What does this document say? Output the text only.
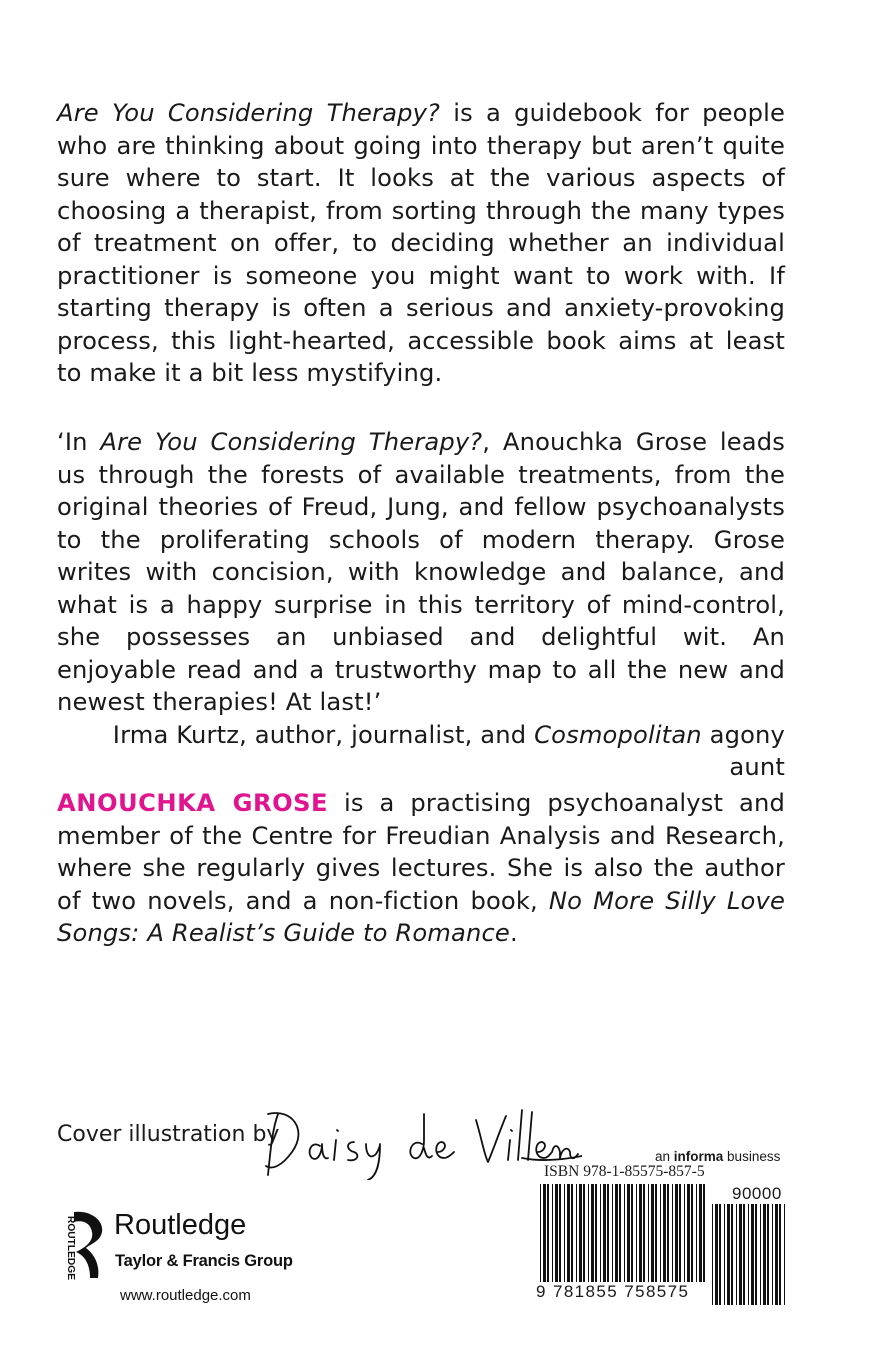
Are You Considering Therapy? is a guidebook for people who are thinking about going into therapy but aren’t quite sure where to start. It looks at the various aspects of choosing a therapist, from sorting through the many types of treatment on offer, to deciding whether an individual practitioner is someone you might want to work with. If starting therapy is often a serious and anxiety-provoking process, this light-hearted, accessible book aims at least to make it a bit less mystifying.

‘In Are You Considering Therapy?, Anouchka Grose leads us through the forests of available treatments, from the original theories of Freud, Jung, and fellow psychoanalysts to the proliferating schools of modern therapy. Grose writes with concision, with knowledge and balance, and what is a happy surprise in this territory of mind-control, she possesses an unbiased and delightful wit. An enjoyable read and a trustworthy map to all the new and newest therapies! At last!’
Irma Kurtz, author, journalist, and Cosmopolitan agony aunt

ANOUCHKA GROSE is a practising psychoanalyst and member of the Centre for Freudian Analysis and Research, where she regularly gives lectures. She is also the author of two novels, and a non-fiction book, No More Silly Love Songs: A Realist’s Guide to Romance.

Cover illustration by
an informa business
ISBN 978-1-85575-857-5
9 781855 758575
90000
ROUTLEDGE Routledge
Taylor & Francis Group
www.routledge.com
